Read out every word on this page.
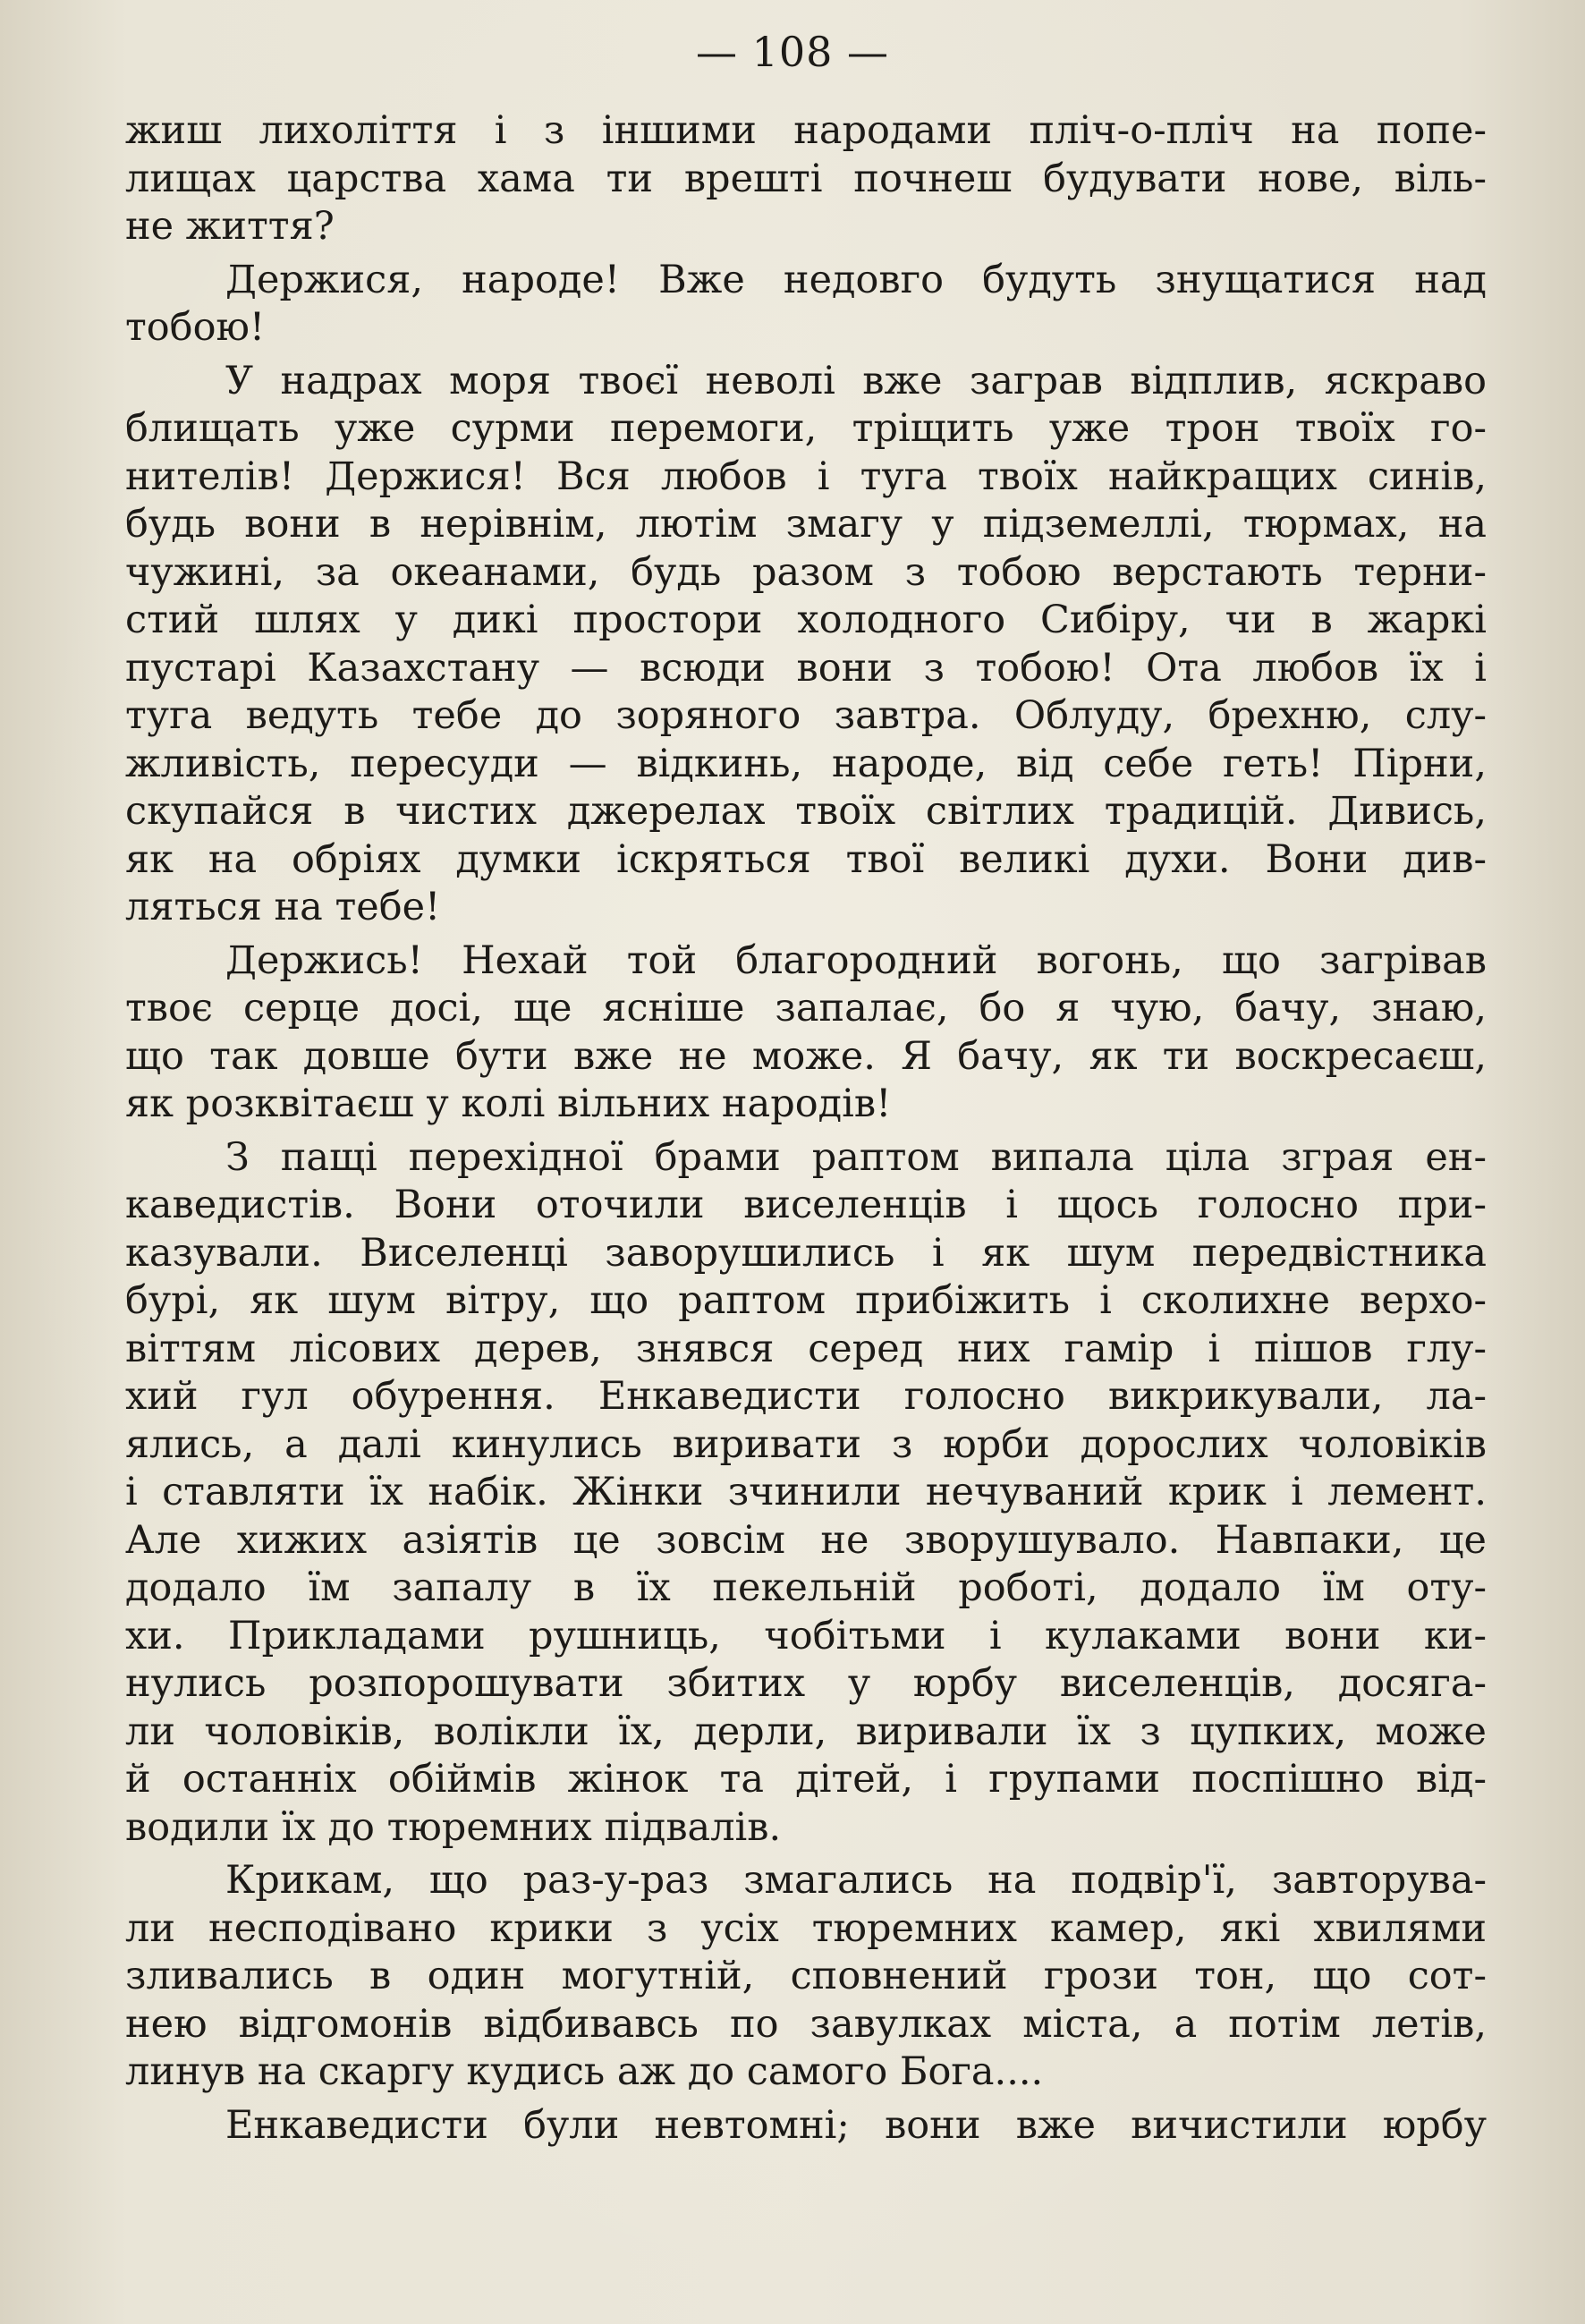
— 108 —
жиш лихоліття і з іншими народами пліч-о-пліч на попе-
лищах царства хама ти врешті почнеш будувати нове, віль-
не життя?
Держися, народе! Вже недовго будуть знущатися над
тобою!
У надрах моря твоєї неволі вже заграв відплив, яскраво
блищать уже сурми перемоги, тріщить уже трон твоїх го-
нителів! Держися! Вся любов і туга твоїх найкращих синів,
будь вони в нерівнім, лютім змагу у підземеллі, тюрмах, на
чужині, за океанами, будь разом з тобою верстають терни-
стий шлях у дикі простори холодного Сибіру, чи в жаркі
пустарі Казахстану — всюди вони з тобою! Ота любов їх і
туга ведуть тебе до зоряного завтра. Облуду, брехню, слу-
жливість, пересуди — відкинь, народе, від себе геть! Пірни,
скупайся в чистих джерелах твоїх світлих традицій. Дивись,
як на обріях думки іскряться твої великі духи. Вони див-
ляться на тебе!
Держись! Нехай той благородний вогонь, що загрівав
твоє серце досі, ще ясніше запалає, бо я чую, бачу, знаю,
що так довше бути вже не може. Я бачу, як ти воскресаєш,
як розквітаєш у колі вільних народів!
З пащі перехідної брами раптом випала ціла зграя ен-
каведистів. Вони оточили виселенців і щось голосно при-
казували. Виселенці заворушились і як шум передвістника
бурі, як шум вітру, що раптом прибіжить і сколихне верхо-
віттям лісових дерев, знявся серед них гамір і пішов глу-
хий гул обурення. Енкаведисти голосно викрикували, ла-
ялись, а далі кинулись виривати з юрби дорослих чоловіків
і ставляти їх набік. Жінки зчинили нечуваний крик і лемент.
Але хижих азіятів це зовсім не зворушувало. Навпаки, це
додало їм запалу в їх пекельній роботі, додало їм оту-
хи. Прикладами рушниць, чобітьми і кулаками вони ки-
нулись розпорошувати збитих у юрбу виселенців, досяга-
ли чоловіків, волікли їх, дерли, виривали їх з цупких, може
й останніх обіймів жінок та дітей, і групами поспішно від-
водили їх до тюремних підвалів.
Крикам, що раз-у-раз змагались на подвір'ї, завторува-
ли несподівано крики з усіх тюремних камер, які хвилями
зливались в один могутній, сповнений грози тон, що сот-
нею відгомонів відбивавсь по завулках міста, а потім летів,
линув на скаргу кудись аж до самого Бога....
Енкаведисти були невтомні; вони вже вичистили юрбу
